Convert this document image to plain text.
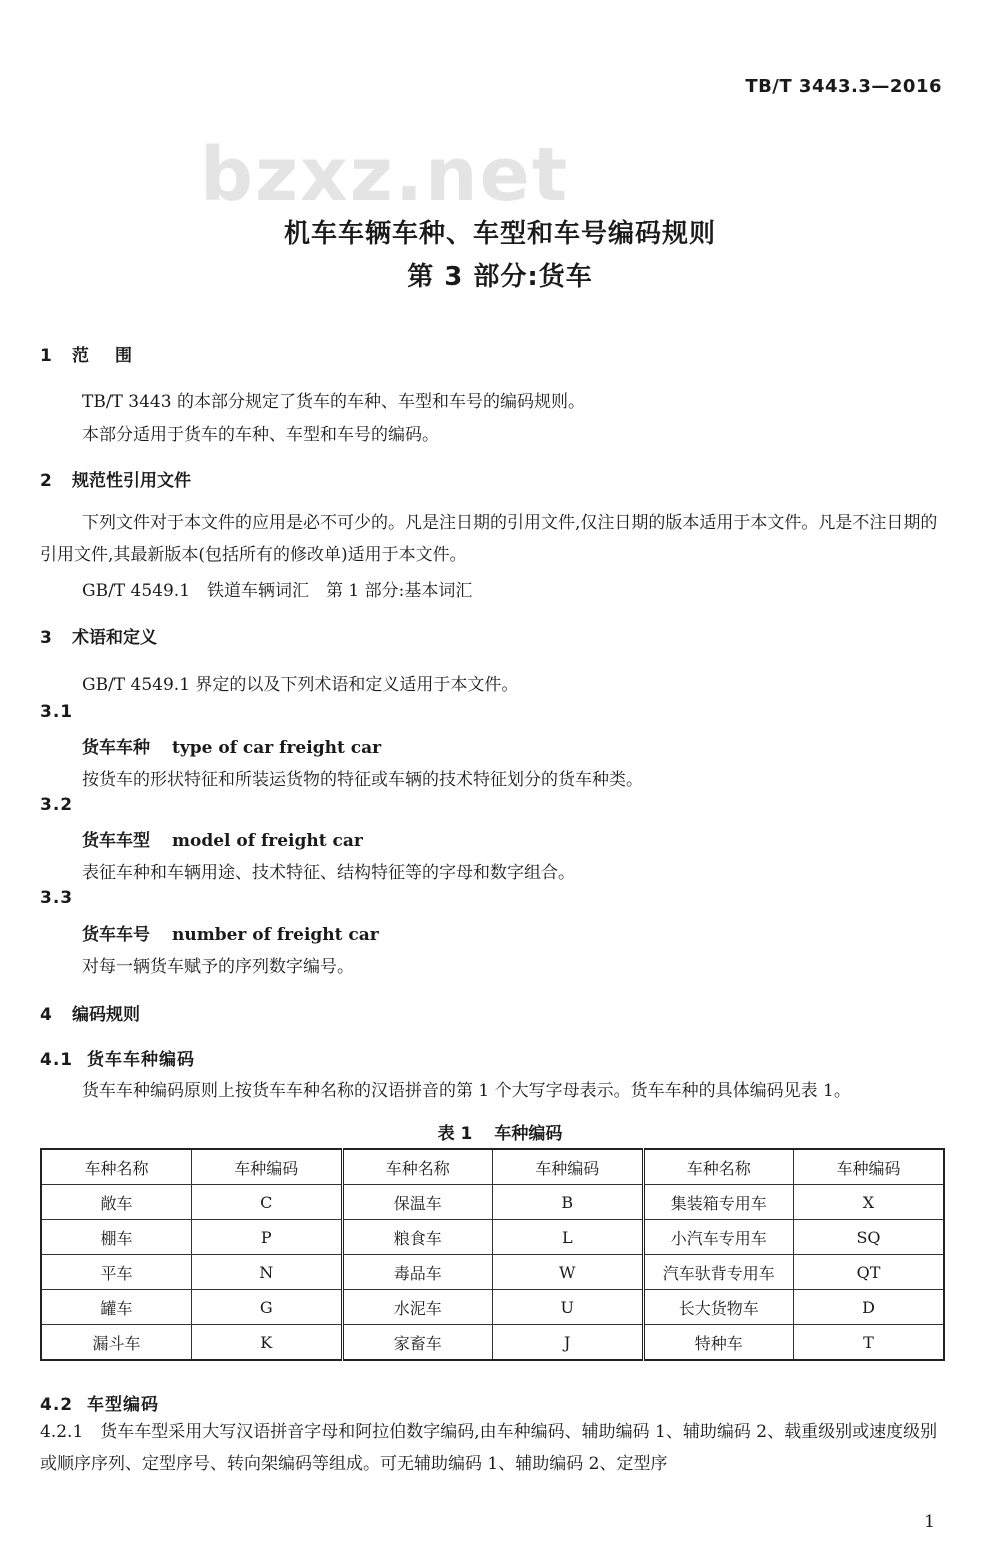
TB/T 3443.3—2016
bzxz.net
机车车辆车种、车型和车号编码规则
第 3 部分:货车
1 范围
TB/T 3443 的本部分规定了货车的车种、车型和车号的编码规则。
本部分适用于货车的车种、车型和车号的编码。
2 规范性引用文件
下列文件对于本文件的应用是必不可少的。凡是注日期的引用文件,仅注日期的版本适用于本文件。凡是不注日期的引用文件,其最新版本(包括所有的修改单)适用于本文件。
GB/T 4549.1　铁道车辆词汇　第 1 部分:基本词汇
3 术语和定义
GB/T 4549.1 界定的以及下列术语和定义适用于本文件。
3.1
货车车种 type of car freight car
按货车的形状特征和所装运货物的特征或车辆的技术特征划分的货车种类。
3.2
货车车型 model of freight car
表征车种和车辆用途、技术特征、结构特征等的字母和数字组合。
3.3
货车车号 number of freight car
对每一辆货车赋予的序列数字编号。
4 编码规则
4.1 货车车种编码
货车车种编码原则上按货车车种名称的汉语拼音的第 1 个大写字母表示。货车车种的具体编码见表 1。
表 1 车种编码
车种名称	车种编码	车种名称	车种编码	车种名称	车种编码
敞车	C	保温车	B	集装箱专用车	X
棚车	P	粮食车	L	小汽车专用车	SQ
平车	N	毒品车	W	汽车驮背专用车	QT
罐车	G	水泥车	U	长大货物车	D
漏斗车	K	家畜车	J	特种车	T
4.2 车型编码
4.2.1　货车车型采用大写汉语拼音字母和阿拉伯数字编码,由车种编码、辅助编码 1、辅助编码 2、载重级别或速度级别或顺序序列、定型序号、转向架编码等组成。可无辅助编码 1、辅助编码 2、定型序
1
